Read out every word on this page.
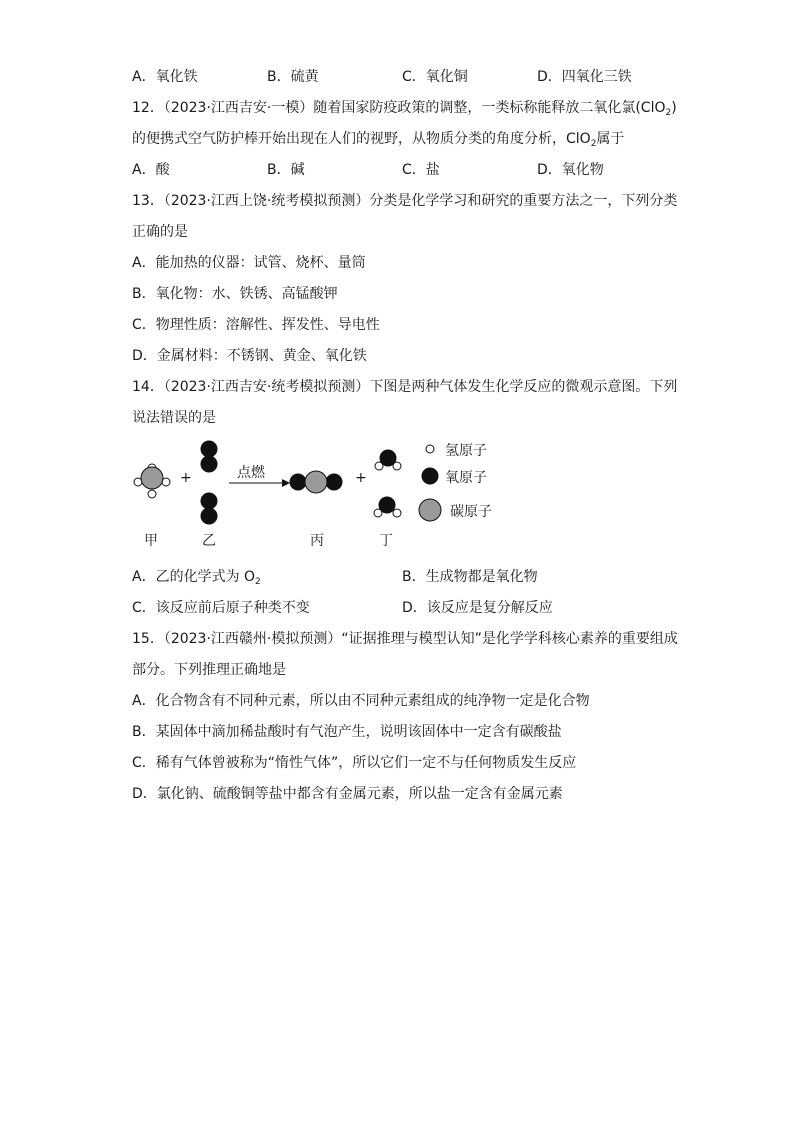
A．氧化铁	B．硫黄	C．氧化铜	D．四氧化三铁
12．（2023·江西吉安·一模）随着国家防疫政策的调整，一类标称能释放二氧化氯(ClO$_2$)
的便携式空气防护棒开始出现在人们的视野，从物质分类的角度分析，ClO$_2$属于
A．酸	B．碱	C．盐	D．氧化物
13．（2023·江西上饶·统考模拟预测）分类是化学学习和研究的重要方法之一，下列分类
正确的是
A．能加热的仪器：试管、烧杯、量筒
B．氧化物：水、铁锈、高锰酸钾
C．物理性质：溶解性、挥发性、导电性
D．金属材料：不锈钢、黄金、氧化铁
14．（2023·江西吉安·统考模拟预测）下图是两种气体发生化学反应的微观示意图。下列
说法错误的是
点燃
+	+
甲	乙	丙	丁
氢原子
氧原子
碳原子
A．乙的化学式为 $O_2$	B．生成物都是氧化物
C．该反应前后原子种类不变	D．该反应是复分解反应
15．（2023·江西赣州·模拟预测）“证据推理与模型认知”是化学学科核心素养的重要组成
部分。下列推理正确地是
A．化合物含有不同种元素，所以由不同种元素组成的纯净物一定是化合物
B．某固体中滴加稀盐酸时有气泡产生，说明该固体中一定含有碳酸盐
C．稀有气体曾被称为“惰性气体”，所以它们一定不与任何物质发生反应
D．氯化钠、硫酸铜等盐中都含有金属元素，所以盐一定含有金属元素
